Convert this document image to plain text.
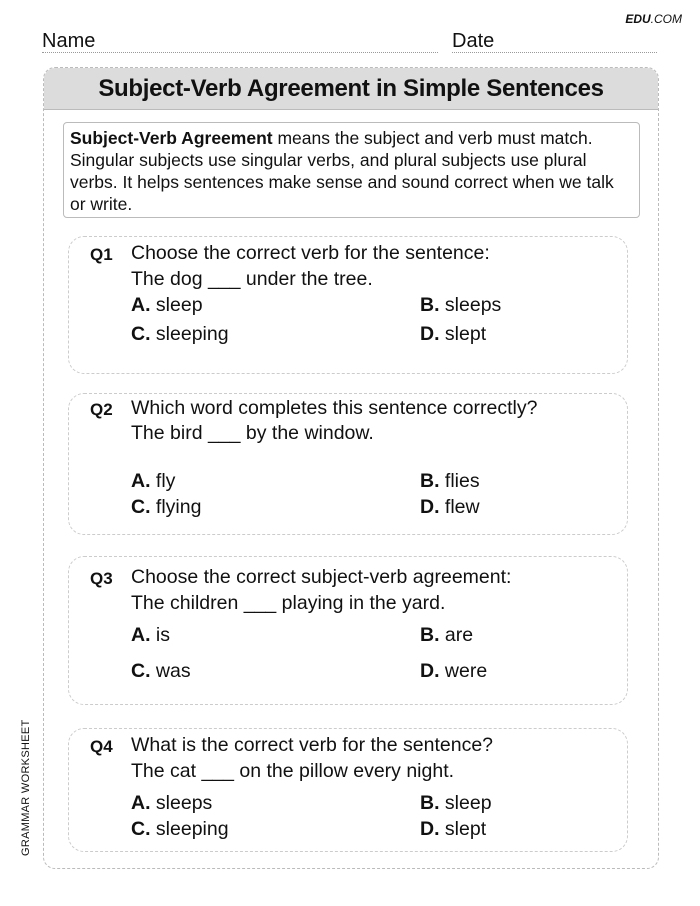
EDU.COM
Name	Date
Subject-Verb Agreement in Simple Sentences
Subject-Verb Agreement means the subject and verb must match. Singular subjects use singular verbs, and plural subjects use plural verbs. It helps sentences make sense and sound correct when we talk or write.
Q1 Choose the correct verb for the sentence:
The dog ___ under the tree.
A. sleep	B. sleeps
C. sleeping	D. slept
Q2 Which word completes this sentence correctly?
The bird ___ by the window.
A. fly	B. flies
C. flying	D. flew
Q3 Choose the correct subject-verb agreement:
The children ___ playing in the yard.
A. is	B. are
C. was	D. were
Q4 What is the correct verb for the sentence?
The cat ___ on the pillow every night.
A. sleeps	B. sleep
C. sleeping	D. slept
GRAMMAR WORKSHEET
